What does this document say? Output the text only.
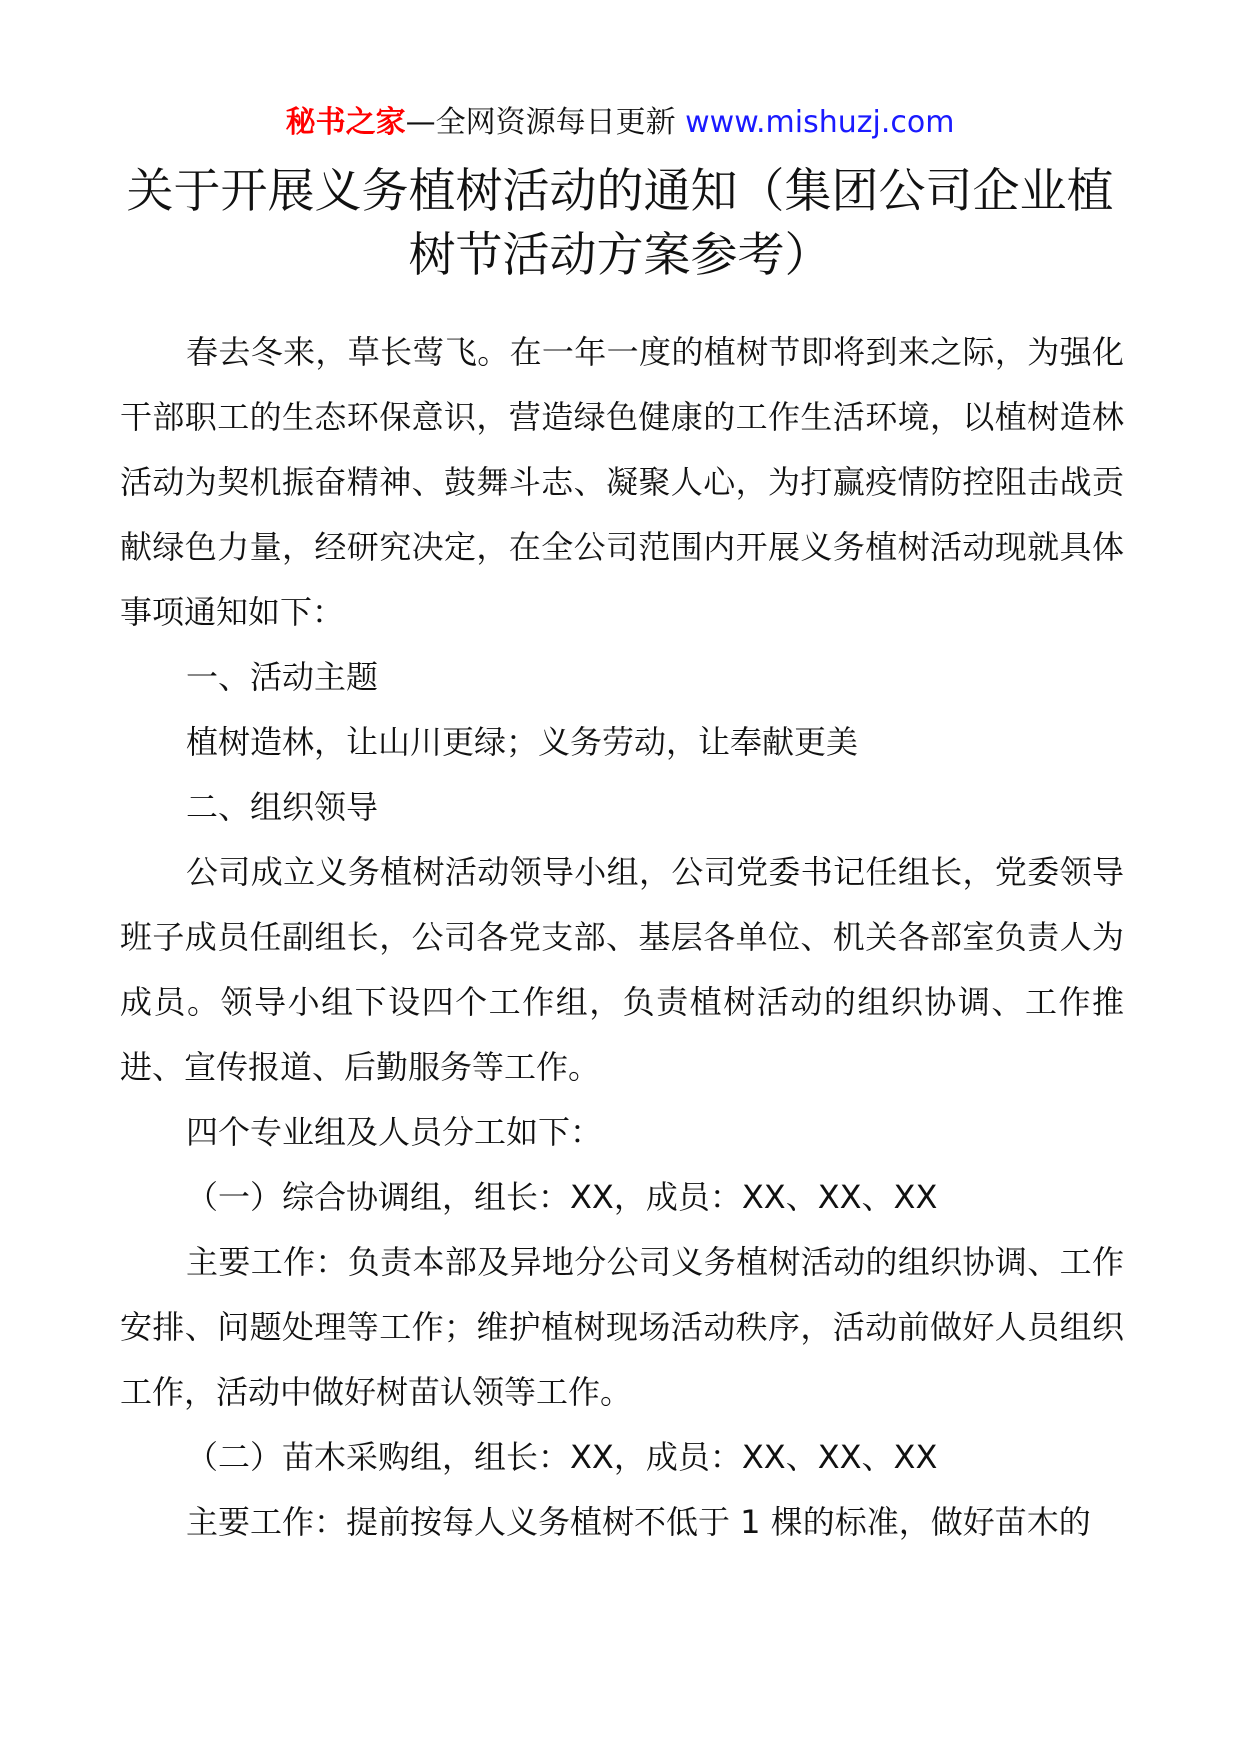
秘书之家—全网资源每日更新 www.mishuzj.com
关于开展义务植树活动的通知（集团公司企业植树节活动方案参考）

春去冬来，草长莺飞。在一年一度的植树节即将到来之际，为强化干部职工的生态环保意识，营造绿色健康的工作生活环境，以植树造林活动为契机振奋精神、鼓舞斗志、凝聚人心，为打赢疫情防控阻击战贡献绿色力量，经研究决定，在全公司范围内开展义务植树活动现就具体事项通知如下：

一、活动主题

植树造林，让山川更绿；义务劳动，让奉献更美

二、组织领导

公司成立义务植树活动领导小组，公司党委书记任组长，党委领导班子成员任副组长，公司各党支部、基层各单位、机关各部室负责人为成员。领导小组下设四个工作组，负责植树活动的组织协调、工作推进、宣传报道、后勤服务等工作。

四个专业组及人员分工如下：

（一）综合协调组，组长：XX，成员：XX、XX、XX

主要工作：负责本部及异地分公司义务植树活动的组织协调、工作安排、问题处理等工作；维护植树现场活动秩序，活动前做好人员组织工作，活动中做好树苗认领等工作。

（二）苗木采购组，组长：XX，成员：XX、XX、XX

主要工作：提前按每人义务植树不低于 1 棵的标准，做好苗木的
